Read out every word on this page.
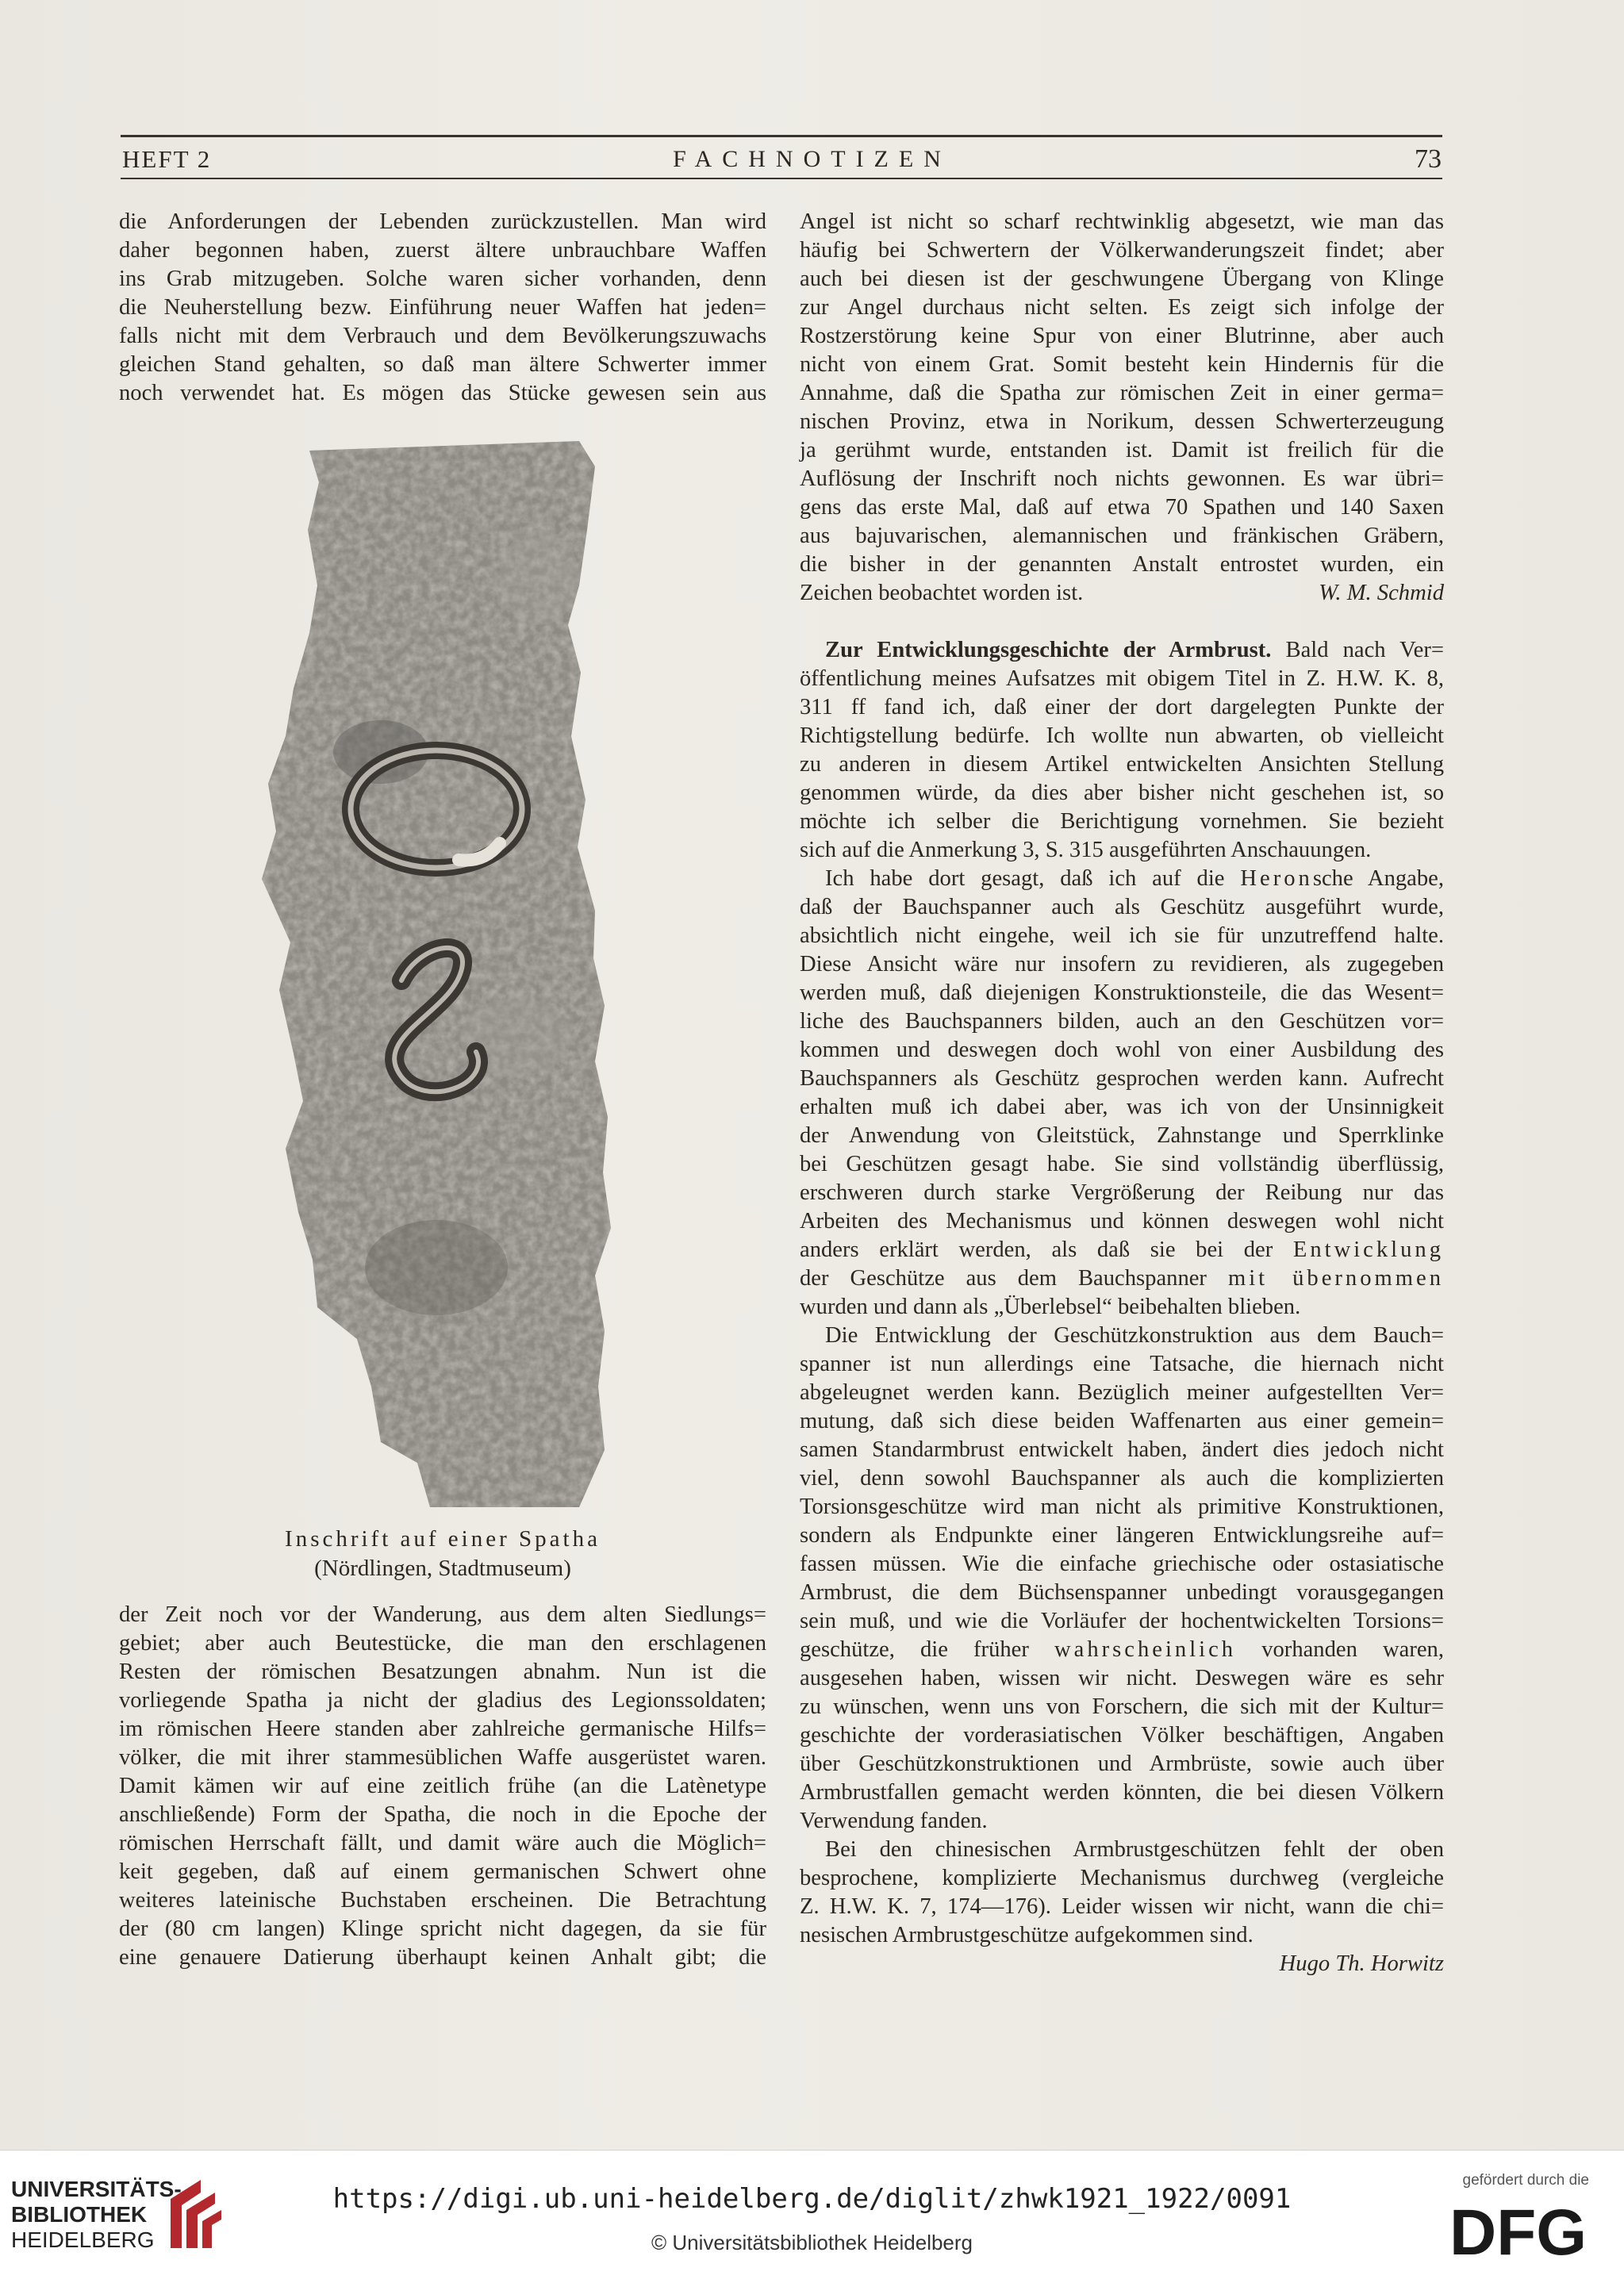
HEFT 2	FACHNOTIZEN	73
die Anforderungen der Lebenden zurückzustellen. Man wird
daher begonnen haben, zuerst ältere unbrauchbare Waffen
ins Grab mitzugeben. Solche waren sicher vorhanden, denn
die Neuherstellung bezw. Einführung neuer Waffen hat jeden=
falls nicht mit dem Verbrauch und dem Bevölkerungszuwachs
gleichen Stand gehalten, so daß man ältere Schwerter immer
noch verwendet hat. Es mögen das Stücke gewesen sein aus
Inschrift auf einer Spatha
(Nördlingen, Stadtmuseum)
der Zeit noch vor der Wanderung, aus dem alten Siedlungs=
gebiet; aber auch Beutestücke, die man den erschlagenen
Resten der römischen Besatzungen abnahm. Nun ist die
vorliegende Spatha ja nicht der gladius des Legionssoldaten;
im römischen Heere standen aber zahlreiche germanische Hilfs=
völker, die mit ihrer stammesüblichen Waffe ausgerüstet waren.
Damit kämen wir auf eine zeitlich frühe (an die Latènetype
anschließende) Form der Spatha, die noch in die Epoche der
römischen Herrschaft fällt, und damit wäre auch die Möglich=
keit gegeben, daß auf einem germanischen Schwert ohne
weiteres lateinische Buchstaben erscheinen. Die Betrachtung
der (80 cm langen) Klinge spricht nicht dagegen, da sie für
eine genauere Datierung überhaupt keinen Anhalt gibt; die
Angel ist nicht so scharf rechtwinklig abgesetzt, wie man das
häufig bei Schwertern der Völkerwanderungszeit findet; aber
auch bei diesen ist der geschwungene Übergang von Klinge
zur Angel durchaus nicht selten. Es zeigt sich infolge der
Rostzerstörung keine Spur von einer Blutrinne, aber auch
nicht von einem Grat. Somit besteht kein Hindernis für die
Annahme, daß die Spatha zur römischen Zeit in einer germa=
nischen Provinz, etwa in Norikum, dessen Schwerterzeugung
ja gerühmt wurde, entstanden ist. Damit ist freilich für die
Auflösung der Inschrift noch nichts gewonnen. Es war übri=
gens das erste Mal, daß auf etwa 70 Spathen und 140 Saxen
aus bajuvarischen, alemannischen und fränkischen Gräbern,
die bisher in der genannten Anstalt entrostet wurden, ein
Zeichen beobachtet worden ist.	W. M. Schmid
Zur Entwicklungsgeschichte der Armbrust. Bald nach Ver=
öffentlichung meines Aufsatzes mit obigem Titel in Z. H.W. K. 8,
311 ff fand ich, daß einer der dort dargelegten Punkte der
Richtigstellung bedürfe. Ich wollte nun abwarten, ob vielleicht
zu anderen in diesem Artikel entwickelten Ansichten Stellung
genommen würde, da dies aber bisher nicht geschehen ist, so
möchte ich selber die Berichtigung vornehmen. Sie bezieht
sich auf die Anmerkung 3, S. 315 ausgeführten Anschauungen.
Ich habe dort gesagt, daß ich auf die Heronsche Angabe,
daß der Bauchspanner auch als Geschütz ausgeführt wurde,
absichtlich nicht eingehe, weil ich sie für unzutreffend halte.
Diese Ansicht wäre nur insofern zu revidieren, als zugegeben
werden muß, daß diejenigen Konstruktionsteile, die das Wesent=
liche des Bauchspanners bilden, auch an den Geschützen vor=
kommen und deswegen doch wohl von einer Ausbildung des
Bauchspanners als Geschütz gesprochen werden kann. Aufrecht
erhalten muß ich dabei aber, was ich von der Unsinnigkeit
der Anwendung von Gleitstück, Zahnstange und Sperrklinke
bei Geschützen gesagt habe. Sie sind vollständig überflüssig,
erschweren durch starke Vergrößerung der Reibung nur das
Arbeiten des Mechanismus und können deswegen wohl nicht
anders erklärt werden, als daß sie bei der Entwicklung
der Geschütze aus dem Bauchspanner mit übernommen
wurden und dann als „Überlebsel“ beibehalten blieben.
Die Entwicklung der Geschützkonstruktion aus dem Bauch=
spanner ist nun allerdings eine Tatsache, die hiernach nicht
abgeleugnet werden kann. Bezüglich meiner aufgestellten Ver=
mutung, daß sich diese beiden Waffenarten aus einer gemein=
samen Standarmbrust entwickelt haben, ändert dies jedoch nicht
viel, denn sowohl Bauchspanner als auch die komplizierten
Torsionsgeschütze wird man nicht als primitive Konstruktionen,
sondern als Endpunkte einer längeren Entwicklungsreihe auf=
fassen müssen. Wie die einfache griechische oder ostasiatische
Armbrust, die dem Büchsenspanner unbedingt vorausgegangen
sein muß, und wie die Vorläufer der hochentwickelten Torsions=
geschütze, die früher wahrscheinlich vorhanden waren,
ausgesehen haben, wissen wir nicht. Deswegen wäre es sehr
zu wünschen, wenn uns von Forschern, die sich mit der Kultur=
geschichte der vorderasiatischen Völker beschäftigen, Angaben
über Geschützkonstruktionen und Armbrüste, sowie auch über
Armbrustfallen gemacht werden könnten, die bei diesen Völkern
Verwendung fanden.
Bei den chinesischen Armbrustgeschützen fehlt der oben
besprochene, komplizierte Mechanismus durchweg (vergleiche
Z. H.W. K. 7, 174—176). Leider wissen wir nicht, wann die chi=
nesischen Armbrustgeschütze aufgekommen sind.
Hugo Th. Horwitz
UNIVERSITÄTS-
BIBLIOTHEK
HEIDELBERG
https://digi.ub.uni-heidelberg.de/diglit/zhwk1921_1922/0091
© Universitätsbibliothek Heidelberg
gefördert durch die
DFG
